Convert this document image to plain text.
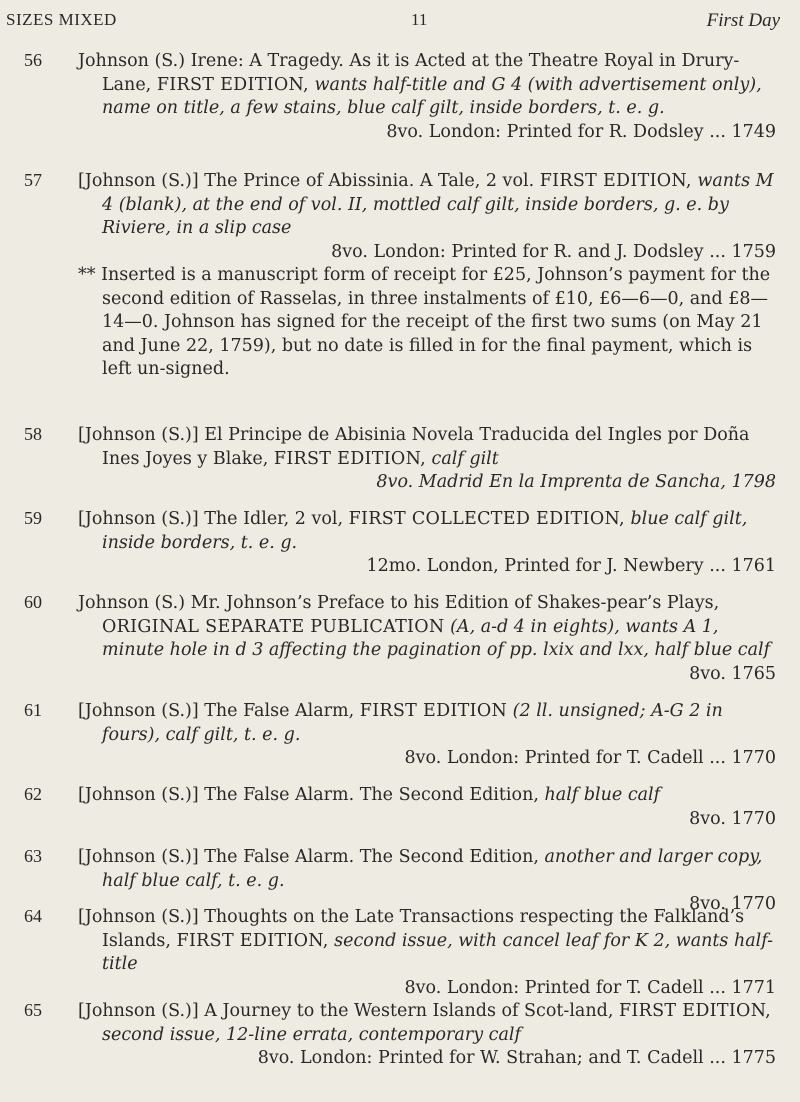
SIZES MIXED	11	First Day
56 Johnson (S.) Irene: A Tragedy. As it is Acted at the Theatre Royal in Drury-Lane, FIRST EDITION, wants half-title and G 4 (with advertisement only), name on title, a few stains, blue calf gilt, inside borders, t. e. g.

8vo. London: Printed for R. Dodsley ... 1749

57 [Johnson (S.)] The Prince of Abissinia. A Tale, 2 vol. FIRST EDITION, wants M 4 (blank), at the end of vol. II, mottled calf gilt, inside borders, g. e. by Riviere, in a slip case

8vo. London: Printed for R. and J. Dodsley ... 1759

** Inserted is a manuscript form of receipt for £25, Johnson’s payment for the second edition of Rasselas, in three instalments of £10, £6—6—0, and £8—14—0. Johnson has signed for the receipt of the first two sums (on May 21 and June 22, 1759), but no date is filled in for the final payment, which is left un-signed.

58 [Johnson (S.)] El Principe de Abisinia Novela Traducida del Ingles por Doña Ines Joyes y Blake, FIRST EDITION, calf gilt

8vo. Madrid En la Imprenta de Sancha, 1798

59 [Johnson (S.)] The Idler, 2 vol, FIRST COLLECTED EDITION, blue calf gilt, inside borders, t. e. g.

12mo. London, Printed for J. Newbery ... 1761

60 Johnson (S.) Mr. Johnson’s Preface to his Edition of Shakes-pear’s Plays, ORIGINAL SEPARATE PUBLICATION (A, a-d 4 in eights), wants A 1, minute hole in d 3 affecting the pagination of pp. lxix and lxx, half blue calf

8vo. 1765

61 [Johnson (S.)] The False Alarm, FIRST EDITION (2 ll. unsigned; A-G 2 in fours), calf gilt, t. e. g.

8vo. London: Printed for T. Cadell ... 1770

62 [Johnson (S.)] The False Alarm. The Second Edition, half blue calf

8vo. 1770

63 [Johnson (S.)] The False Alarm. The Second Edition, another and larger copy, half blue calf, t. e. g.

8vo. 1770

64 [Johnson (S.)] Thoughts on the Late Transactions respecting the Falkland’s Islands, FIRST EDITION, second issue, with cancel leaf for K 2, wants half-title

8vo. London: Printed for T. Cadell ... 1771

65 [Johnson (S.)] A Journey to the Western Islands of Scot-land, FIRST EDITION, second issue, 12-line errata, contemporary calf

8vo. London: Printed for W. Strahan; and T. Cadell ... 1775
